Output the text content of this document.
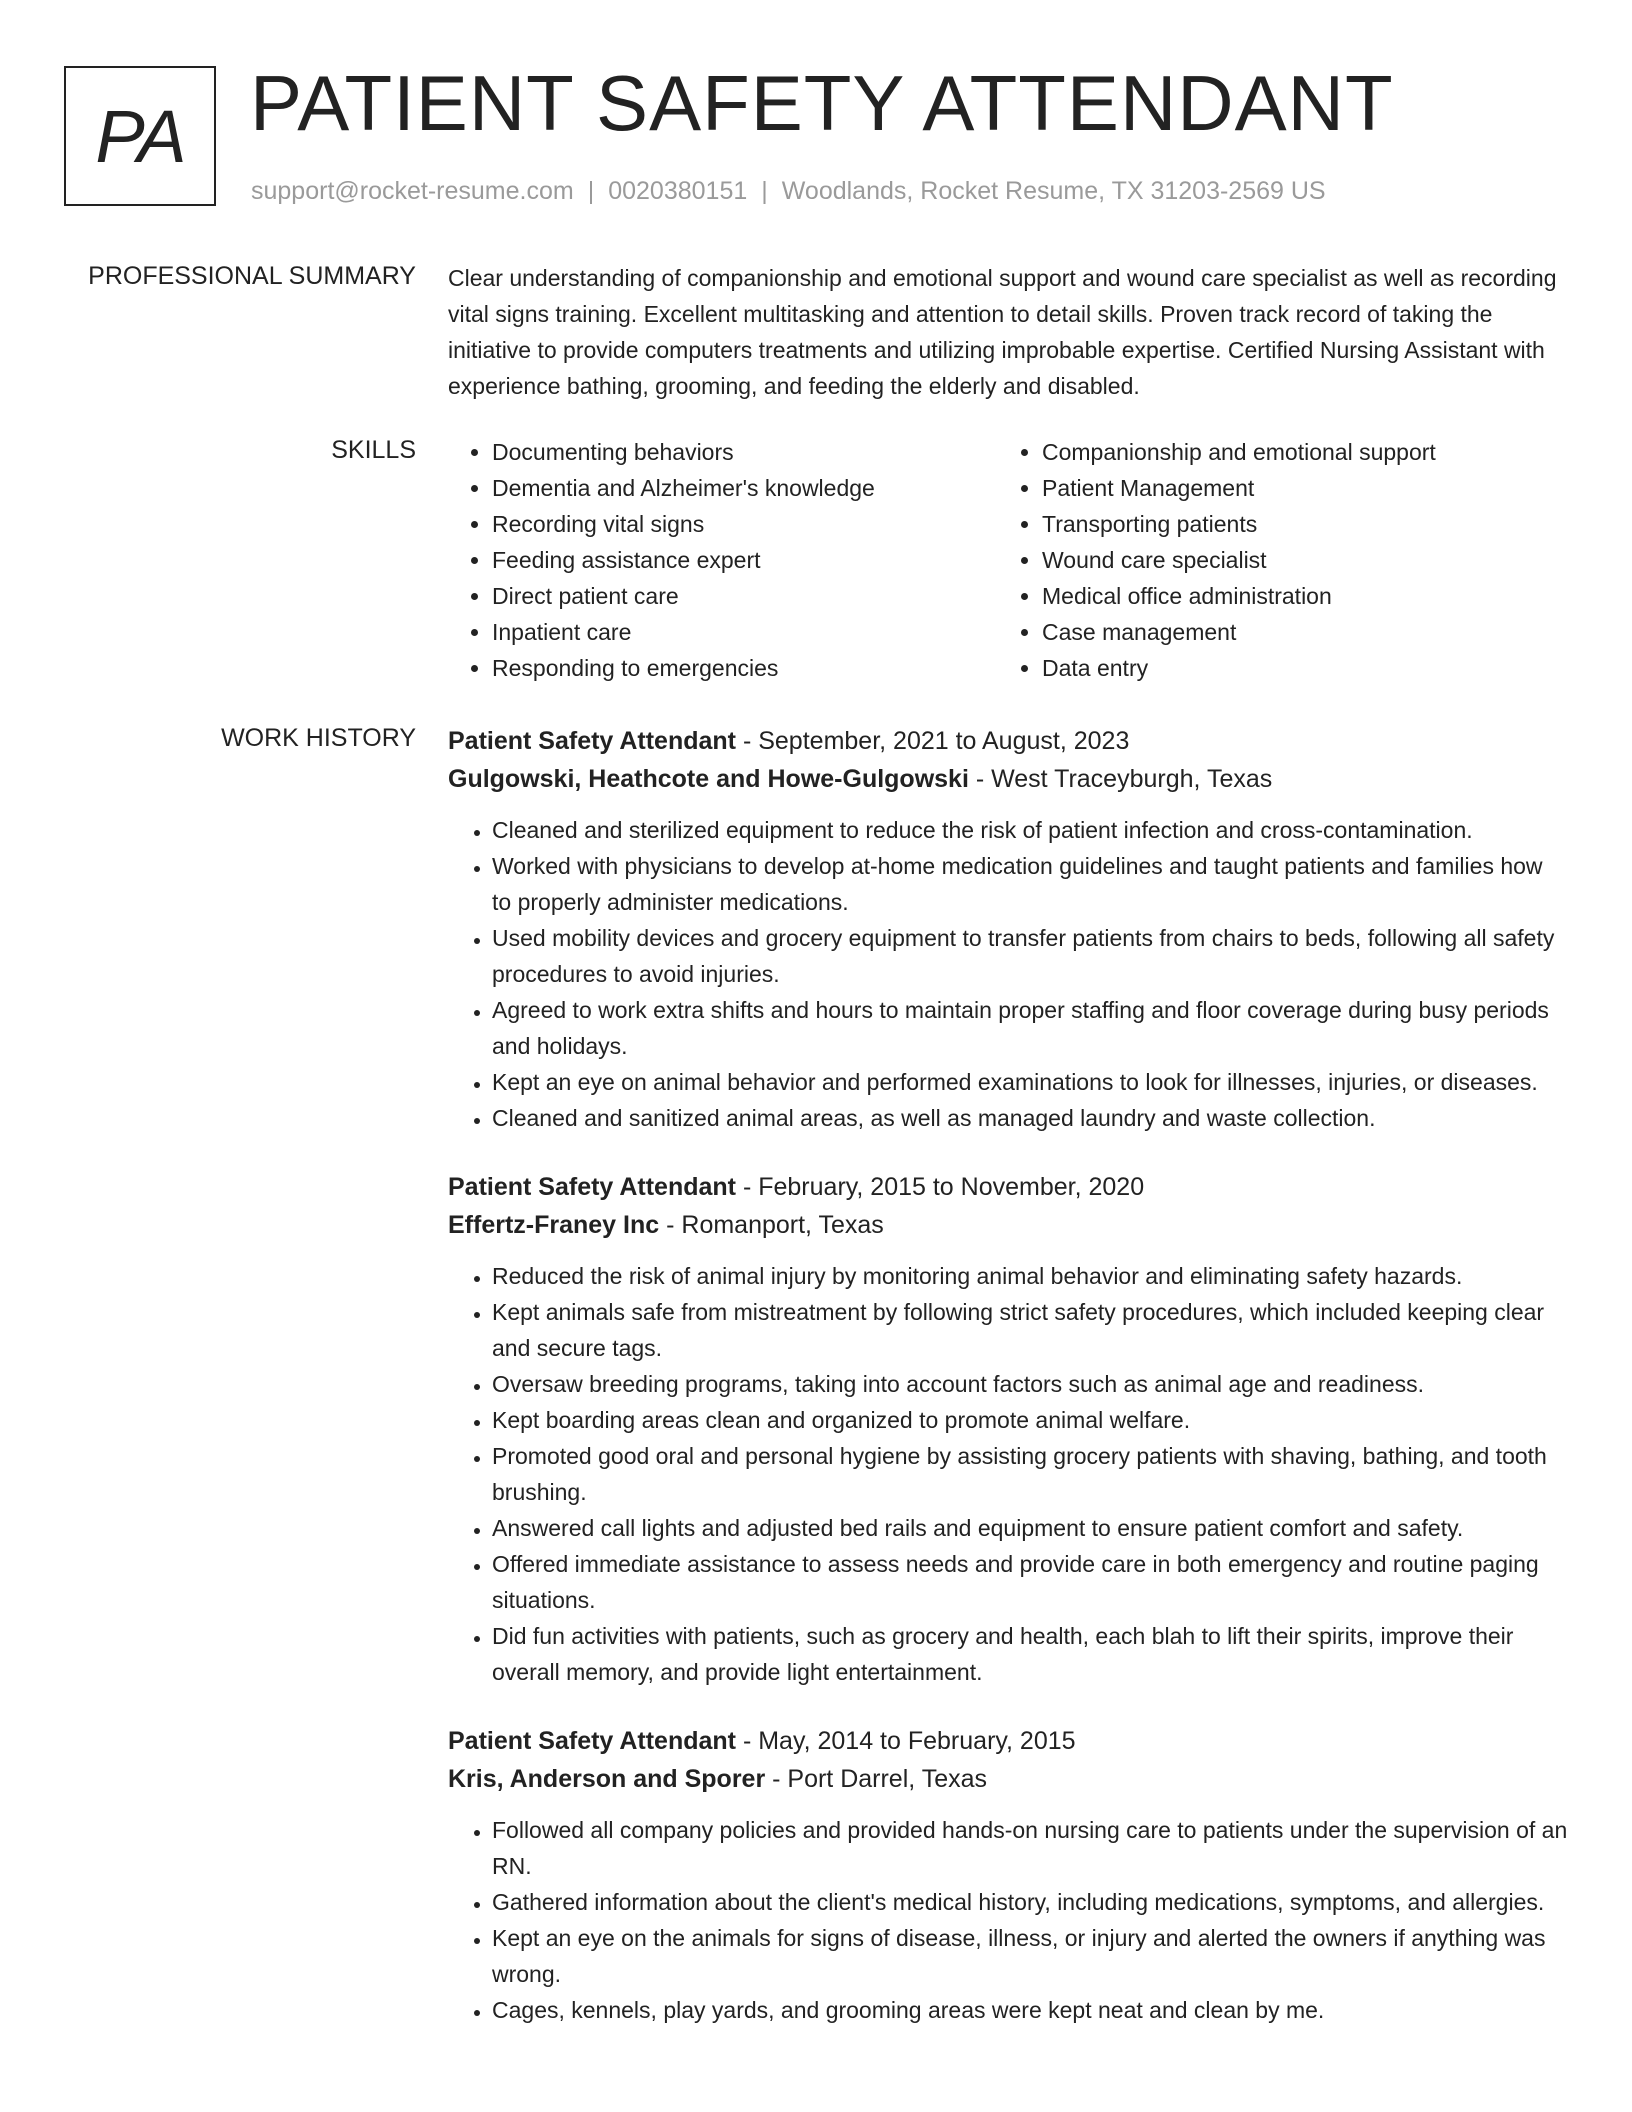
PA PATIENT SAFETY ATTENDANT
support@rocket-resume.com | 0020380151 | Woodlands, Rocket Resume, TX 31203-2569 US
PROFESSIONAL SUMMARY Clear understanding of companionship and emotional support and wound care specialist as well as recording vital signs training. Excellent multitasking and attention to detail skills. Proven track record of taking the initiative to provide computers treatments and utilizing improbable expertise. Certified Nursing Assistant with experience bathing, grooming, and feeding the elderly and disabled.

SKILLS
•	Documenting behaviors
• Dementia and Alzheimer's knowledge
• Recording vital signs
• Feeding assistance expert
• Direct patient care
• Inpatient care
• Responding to emergencies
• Companionship and emotional support
• Patient Management
• Transporting patients
• Wound care specialist
• Medical office administration
• Case management
• Data entry
WORK HISTORY Patient Safety Attendant - September, 2021 to August, 2023
Gulgowski, Heathcote and Howe-Gulgowski - West Traceyburgh, Texas
• Cleaned and sterilized equipment to reduce the risk of patient infection and cross-contamination.
• Worked with physicians to develop at-home medication guidelines and taught patients and families how to properly administer medications.
• Used mobility devices and grocery equipment to transfer patients from chairs to beds, following all safety procedures to avoid injuries.
• Agreed to work extra shifts and hours to maintain proper staffing and floor coverage during busy periods and holidays.
• Kept an eye on animal behavior and performed examinations to look for illnesses, injuries, or diseases.
• Cleaned and sanitized animal areas, as well as managed laundry and waste collection.
Patient Safety Attendant - February, 2015 to November, 2020
Effertz-Franey Inc - Romanport, Texas
• Reduced the risk of animal injury by monitoring animal behavior and eliminating safety hazards.
• Kept animals safe from mistreatment by following strict safety procedures, which included keeping clear and secure tags.
• Oversaw breeding programs, taking into account factors such as animal age and readiness.
• Kept boarding areas clean and organized to promote animal welfare.
• Promoted good oral and personal hygiene by assisting grocery patients with shaving, bathing, and tooth brushing.
• Answered call lights and adjusted bed rails and equipment to ensure patient comfort and safety.
• Offered immediate assistance to assess needs and provide care in both emergency and routine paging situations.
• Did fun activities with patients, such as grocery and health, each blah to lift their spirits, improve their overall memory, and provide light entertainment.
Patient Safety Attendant - May, 2014 to February, 2015
Kris, Anderson and Sporer - Port Darrel, Texas
• Followed all company policies and provided hands-on nursing care to patients under the supervision of an RN.
• Gathered information about the client's medical history, including medications, symptoms, and allergies.
• Kept an eye on the animals for signs of disease, illness, or injury and alerted the owners if anything was wrong.
• Cages, kennels, play yards, and grooming areas were kept neat and clean by me.
